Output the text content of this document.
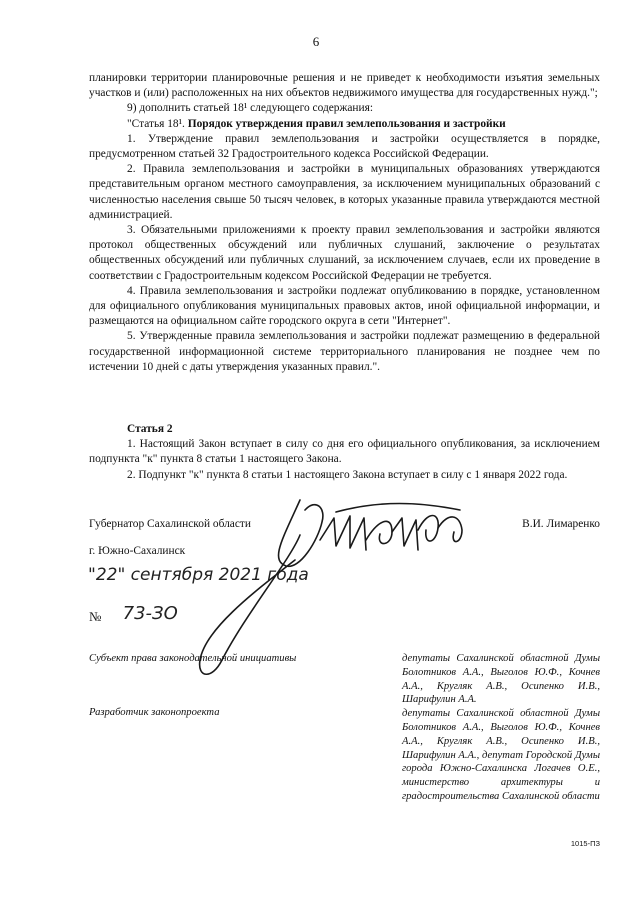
6

планировки территории планировочные решения и не приведет к необходимости изъятия земельных участков и (или) расположенных на них объектов недвижимого имущества для государственных нужд.";

9) дополнить статьей 18¹ следующего содержания:

"Статья 18¹. Порядок утверждения правил землепользования и застройки

1. Утверждение правил землепользования и застройки осуществляется в порядке, предусмотренном статьей 32 Градостроительного кодекса Российской Федерации.

2. Правила землепользования и застройки в муниципальных образованиях утверждаются представительным органом местного самоуправления, за исключением муниципальных образований с численностью населения свыше 50 тысяч человек, в которых указанные правила утверждаются местной администрацией.

3. Обязательными приложениями к проекту правил землепользования и застройки являются протокол общественных обсуждений или публичных слушаний, заключение о результатах общественных обсуждений или публичных слушаний, за исключением случаев, если их проведение в соответствии с Градостроительным кодексом Российской Федерации не требуется.

4. Правила землепользования и застройки подлежат опубликованию в порядке, установленном для официального опубликования муниципальных правовых актов, иной официальной информации, и размещаются на официальном сайте городского округа в сети "Интернет".

5. Утвержденные правила землепользования и застройки подлежат размещению в федеральной государственной информационной системе территориального планирования не позднее чем по истечении 10 дней с даты утверждения указанных правил.".

Статья 2

1. Настоящий Закон вступает в силу со дня его официального опубликования, за исключением подпункта "к" пункта 8 статьи 1 настоящего Закона.

2. Подпункт "к" пункта 8 статьи 1 настоящего Закона вступает в силу с 1 января 2022 года.

Губернатор Сахалинской области	В.И. Лимаренко
г. Южно-Сахалинск
"22" сентября 2021 года
№ 73-ЗО
Субъект права законодательной инициативы
Разработчик законопроекта
депутаты Сахалинской областной Думы Болотников А.А., Выголов Ю.Ф., Кочнев А.А., Кругляк А.В., Осипенко И.В., Шарифулин А.А.
депутаты Сахалинской областной Думы Болотников А.А., Выголов Ю.Ф., Кочнев А.А., Кругляк А.В., Осипенко И.В., Шарифулин А.А., депутат Городской Думы города Южно-Сахалинска Логачев О.Е., министерство архитектуры и градостроительства Сахалинской области
1015-ПЗ
